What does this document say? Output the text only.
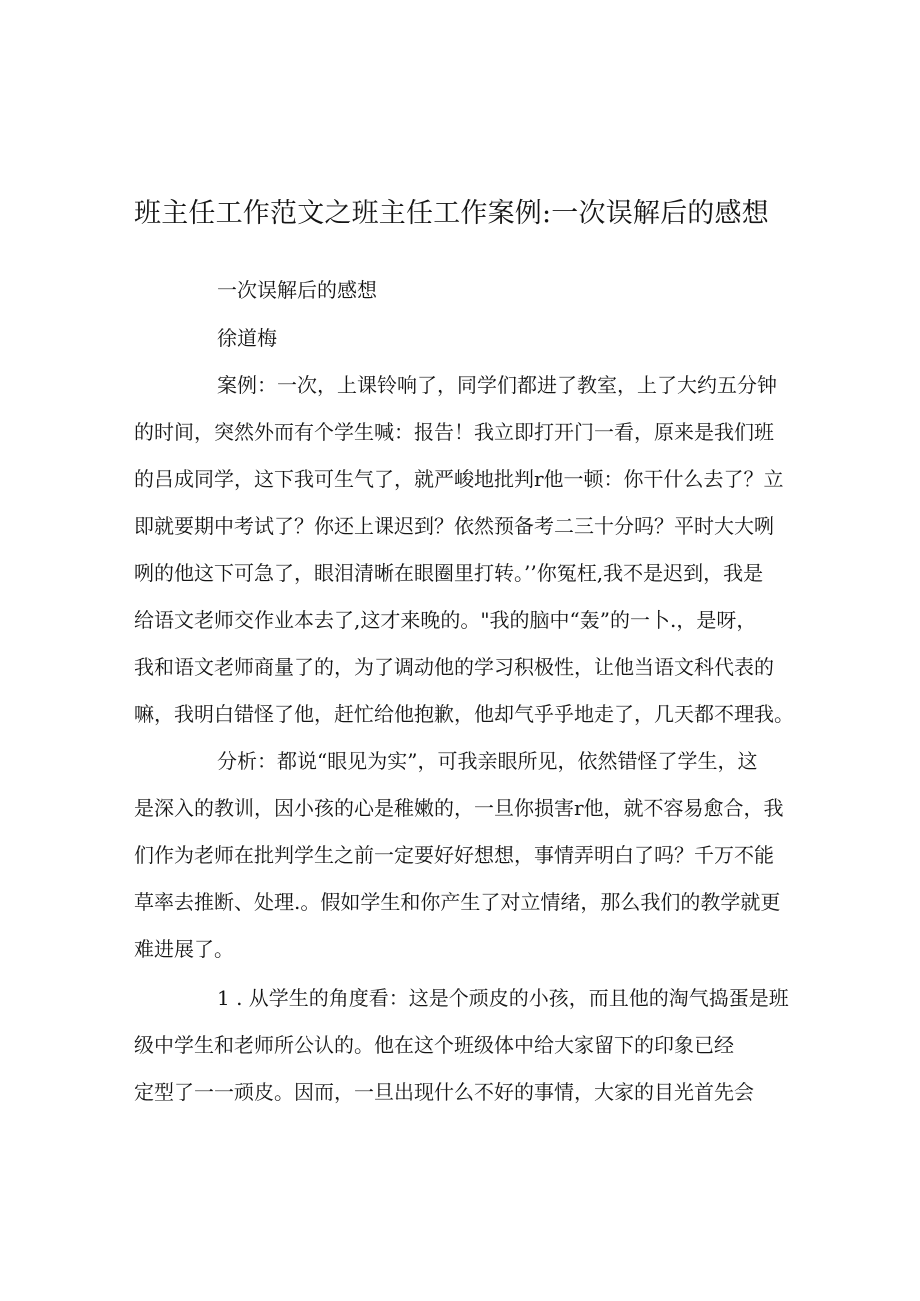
班主任工作范文之班主任工作案例:一次误解后的感想
一次误解后的感想
徐道梅
案例：一次，上课铃响了，同学们都进了教室，上了大约五分钟
的时间，突然外而有个学生喊：报告！我立即打开门一看，原来是我们班
的吕成同学，这下我可生气了，就严峻地批判r他一顿：你干什么去了？立
即就要期中考试了？你还上课迟到？依然预备考二三十分吗？平时大大咧
咧的他这下可急了，眼泪清晰在眼圈里打转。’’你冤枉,我不是迟到，我是
给语文老师交作业本去了,这才来晚的。"我的脑中“轰”的一卜.，是呀，
我和语文老师商量了的，为了调动他的学习积极性，让他当语文科代表的
嘛，我明白错怪了他，赶忙给他抱歉，他却气乎乎地走了，几天都不理我。
分析：都说“眼见为实”，可我亲眼所见，依然错怪了学生，这
是深入的教训，因小孩的心是稚嫩的，一旦你损害r他，就不容易愈合，我
们作为老师在批判学生之前一定要好好想想，事情弄明白了吗？千万不能
草率去推断、处理.。假如学生和你产生了对立情绪，那么我们的教学就更
难进展了。
1 . 从学生的角度看：这是个顽皮的小孩，而且他的淘气捣蛋是班
级中学生和老师所公认的。他在这个班级体中给大家留下的印象已经
定型了一一顽皮。因而，一旦出现什么不好的事情，大家的目光首先会
